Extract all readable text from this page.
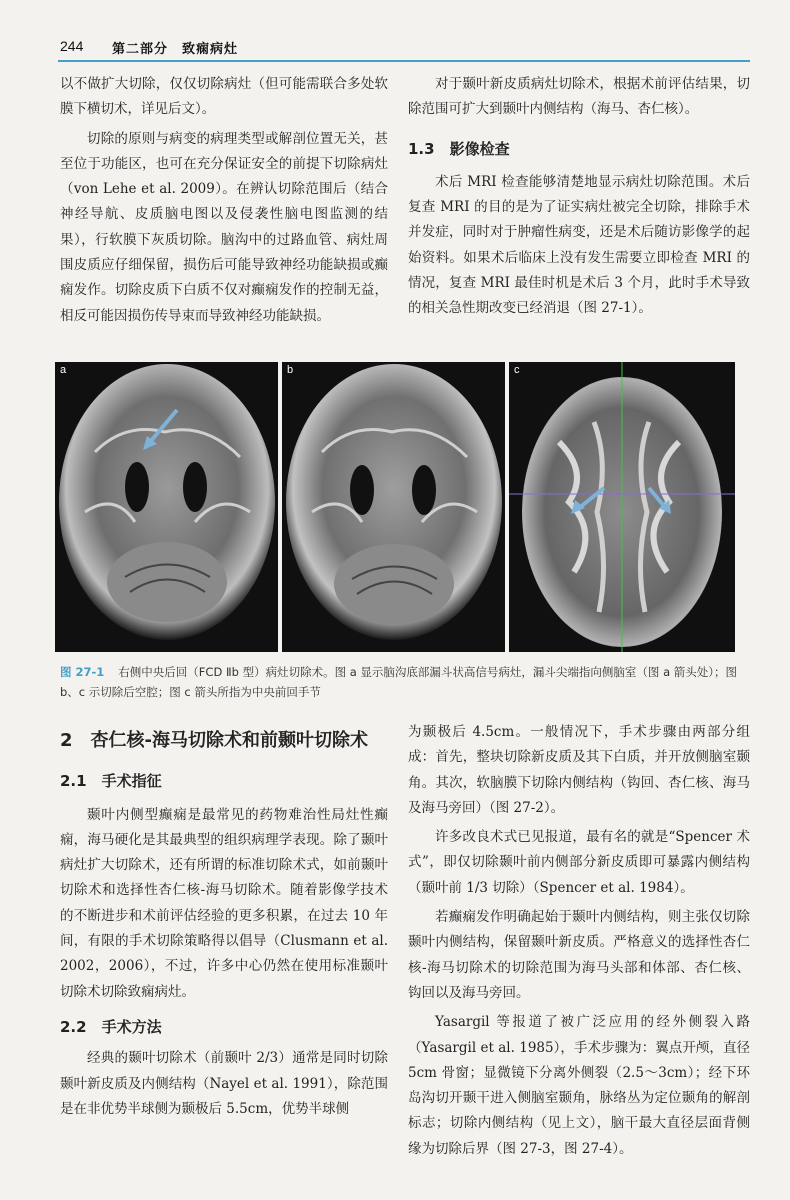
244 第二部分　致痫病灶

以不做扩大切除，仅仅切除病灶（但可能需联合多处软膜下横切术，详见后文）。

切除的原则与病变的病理类型或解剖位置无关，甚至位于功能区，也可在充分保证安全的前提下切除病灶（von Lehe et al. 2009）。在辨认切除范围后（结合神经导航、皮质脑电图以及侵袭性脑电图监测的结果），行软膜下灰质切除。脑沟中的过路血管、病灶周围皮质应仔细保留，损伤后可能导致神经功能缺损或癫痫发作。切除皮质下白质不仅对癫痫发作的控制无益，相反可能因损伤传导束而导致神经功能缺损。

对于颞叶新皮质病灶切除术，根据术前评估结果，切除范围可扩大到颞叶内侧结构（海马、杏仁核）。

1.3　影像检查

术后 MRI 检查能够清楚地显示病灶切除范围。术后复查 MRI 的目的是为了证实病灶被完全切除，排除手术并发症，同时对于肿瘤性病变，还是术后随访影像学的起始资料。如果术后临床上没有发生需要立即检查 MRI 的情况，复查 MRI 最佳时机是术后 3 个月，此时手术导致的相关急性期改变已经消退（图 27-1）。

a	b	c
图 27-1 右侧中央后回（FCD Ⅱb 型）病灶切除术。图 a 显示脑沟底部漏斗状高信号病灶，漏斗尖端指向侧脑室（图 a 箭头处）；图 b、c 示切除后空腔；图 c 箭头所指为中央前回手节

2　杏仁核-海马切除术和前颞叶切除术

2.1　手术指征

颞叶内侧型癫痫是最常见的药物难治性局灶性癫痫，海马硬化是其最典型的组织病理学表现。除了颞叶病灶扩大切除术，还有所谓的标准切除术式，如前颞叶切除术和选择性杏仁核-海马切除术。随着影像学技术的不断进步和术前评估经验的更多积累，在过去 10 年间，有限的手术切除策略得以倡导（Clusmann et al. 2002，2006），不过，许多中心仍然在使用标准颞叶切除术切除致痫病灶。

2.2　手术方法

经典的颞叶切除术（前颞叶 2/3）通常是同时切除颞叶新皮质及内侧结构（Nayel et al. 1991），除范围是在非优势半球侧为颞极后 5.5cm，优势半球侧

为颞极后 4.5cm。一般情况下，手术步骤由两部分组成：首先，整块切除新皮质及其下白质，并开放侧脑室颞角。其次，软脑膜下切除内侧结构（钩回、杏仁核、海马及海马旁回）（图 27-2）。

许多改良术式已见报道，最有名的就是“Spencer 术式”，即仅切除颞叶前内侧部分新皮质即可暴露内侧结构（颞叶前 1/3 切除）（Spencer et al. 1984）。

若癫痫发作明确起始于颞叶内侧结构，则主张仅切除颞叶内侧结构，保留颞叶新皮质。严格意义的选择性杏仁核-海马切除术的切除范围为海马头部和体部、杏仁核、钩回以及海马旁回。

Yasargil 等报道了被广泛应用的经外侧裂入路（Yasargil et al. 1985），手术步骤为：翼点开颅，直径 5cm 骨窗；显微镜下分离外侧裂（2.5～3cm）；经下环岛沟切开颞干进入侧脑室颞角，脉络丛为定位颞角的解剖标志；切除内侧结构（见上文），脑干最大直径层面背侧缘为切除后界（图 27-3，图 27-4）。
